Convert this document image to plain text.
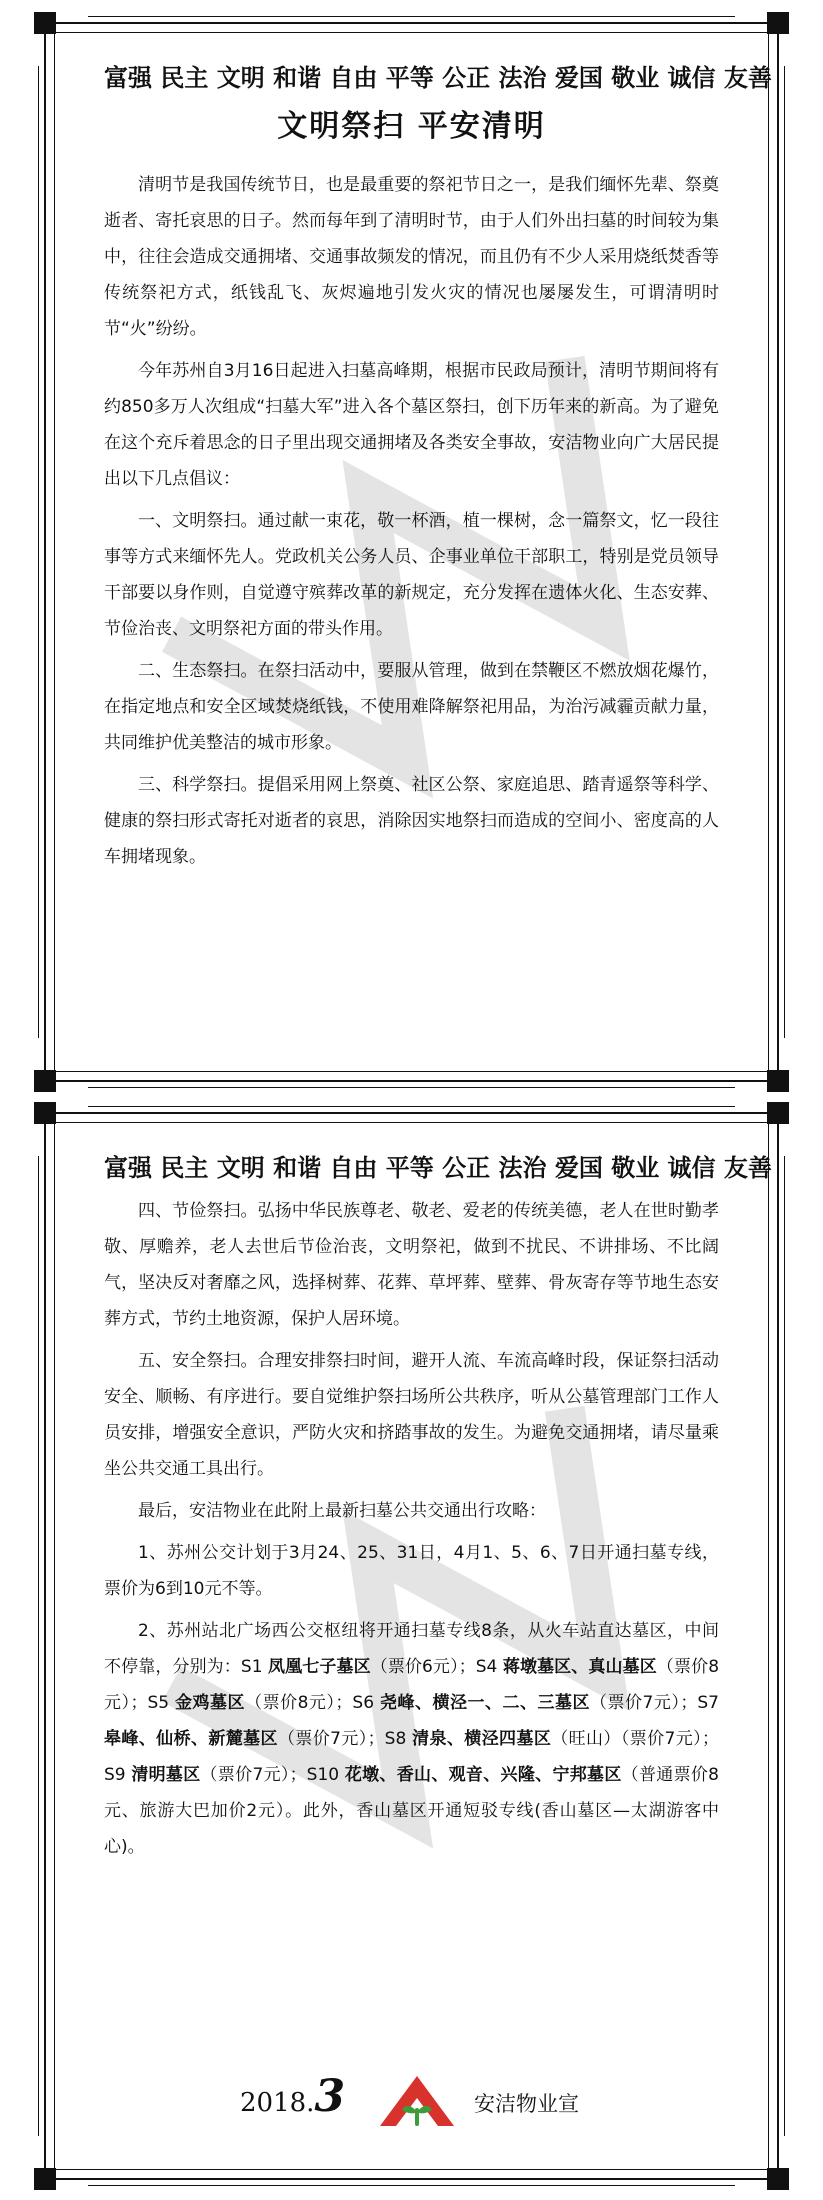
富强 民主 文明 和谐 自由 平等 公正 法治 爱国 敬业 诚信 友善

文明祭扫 平安清明

清明节是我国传统节日，也是最重要的祭祀节日之一，是我们缅怀先辈、祭奠逝者、寄托哀思的日子。然而每年到了清明时节，由于人们外出扫墓的时间较为集中，往往会造成交通拥堵、交通事故频发的情况，而且仍有不少人采用烧纸焚香等传统祭祀方式，纸钱乱飞、灰烬遍地引发火灾的情况也屡屡发生，可谓清明时节“火”纷纷。

今年苏州自3月16日起进入扫墓高峰期，根据市民政局预计，清明节期间将有约850多万人次组成“扫墓大军”进入各个墓区祭扫，创下历年来的新高。为了避免在这个充斥着思念的日子里出现交通拥堵及各类安全事故，安洁物业向广大居民提出以下几点倡议：

一、文明祭扫。通过献一束花，敬一杯酒，植一棵树，念一篇祭文，忆一段往事等方式来缅怀先人。党政机关公务人员、企事业单位干部职工，特别是党员领导干部要以身作则，自觉遵守殡葬改革的新规定，充分发挥在遗体火化、生态安葬、节俭治丧、文明祭祀方面的带头作用。

二、生态祭扫。在祭扫活动中，要服从管理，做到在禁鞭区不燃放烟花爆竹，在指定地点和安全区域焚烧纸钱，不使用难降解祭祀用品，为治污减霾贡献力量，共同维护优美整洁的城市形象。

三、科学祭扫。提倡采用网上祭奠、社区公祭、家庭追思、踏青遥祭等科学、健康的祭扫形式寄托对逝者的哀思，消除因实地祭扫而造成的空间小、密度高的人车拥堵现象。

富强 民主 文明 和谐 自由 平等 公正 法治 爱国 敬业 诚信 友善

四、节俭祭扫。弘扬中华民族尊老、敬老、爱老的传统美德，老人在世时勤孝敬、厚赡养，老人去世后节俭治丧，文明祭祀，做到不扰民、不讲排场、不比阔气，坚决反对奢靡之风，选择树葬、花葬、草坪葬、壁葬、骨灰寄存等节地生态安葬方式，节约土地资源，保护人居环境。

五、安全祭扫。合理安排祭扫时间，避开人流、车流高峰时段，保证祭扫活动安全、顺畅、有序进行。要自觉维护祭扫场所公共秩序，听从公墓管理部门工作人员安排，增强安全意识，严防火灾和挤踏事故的发生。为避免交通拥堵，请尽量乘坐公共交通工具出行。

最后，安洁物业在此附上最新扫墓公共交通出行攻略：

1、苏州公交计划于3月24、25、31日，4月1、5、6、7日开通扫墓专线，票价为6到10元不等。

2、苏州站北广场西公交枢纽将开通扫墓专线8条，从火车站直达墓区，中间不停靠，分别为：S1 凤凰七子墓区（票价6元）；S4 蒋墩墓区、真山墓区（票价8元）；S5 金鸡墓区（票价8元）；S6 尧峰、横泾一、二、三墓区（票价7元）；S7 皋峰、仙桥、新麓墓区（票价7元）；S8 清泉、横泾四墓区（旺山）（票价7元）；S9 清明墓区（票价7元）；S10 花墩、香山、观音、兴隆、宁邦墓区（普通票价8元、旅游大巴加价2元）。此外，香山墓区开通短驳专线(香山墓区—太湖游客中心)。

2018.3	安洁物业宣
